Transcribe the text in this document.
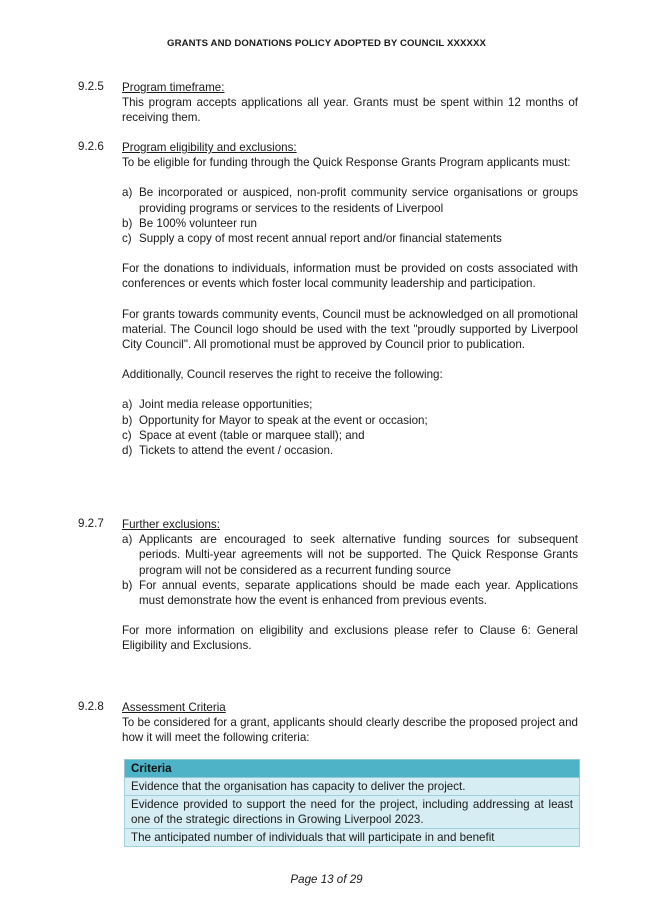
GRANTS AND DONATIONS POLICY ADOPTED BY COUNCIL XXXXXX
9.2.5	Program timeframe:
This program accepts applications all year. Grants must be spent within 12 months of receiving them.
9.2.6	Program eligibility and exclusions:
To be eligible for funding through the Quick Response Grants Program applicants must:
a) Be incorporated or auspiced, non-profit community service organisations or groups providing programs or services to the residents of Liverpool
b) Be 100% volunteer run
c) Supply a copy of most recent annual report and/or financial statements
For the donations to individuals, information must be provided on costs associated with conferences or events which foster local community leadership and participation.
For grants towards community events, Council must be acknowledged on all promotional material. The Council logo should be used with the text "proudly supported by Liverpool City Council". All promotional must be approved by Council prior to publication.
Additionally, Council reserves the right to receive the following:
a) Joint media release opportunities;
b) Opportunity for Mayor to speak at the event or occasion;
c) Space at event (table or marquee stall); and
d) Tickets to attend the event / occasion.
9.2.7	Further exclusions:
a) Applicants are encouraged to seek alternative funding sources for subsequent periods. Multi-year agreements will not be supported. The Quick Response Grants program will not be considered as a recurrent funding source
b) For annual events, separate applications should be made each year. Applications must demonstrate how the event is enhanced from previous events.
For more information on eligibility and exclusions please refer to Clause 6: General Eligibility and Exclusions.
9.2.8	Assessment Criteria
To be considered for a grant, applicants should clearly describe the proposed project and how it will meet the following criteria:
Criteria
Evidence that the organisation has capacity to deliver the project.
Evidence provided to support the need for the project, including addressing at least one of the strategic directions in Growing Liverpool 2023.
The anticipated number of individuals that will participate in and benefit
Page 13 of 29
